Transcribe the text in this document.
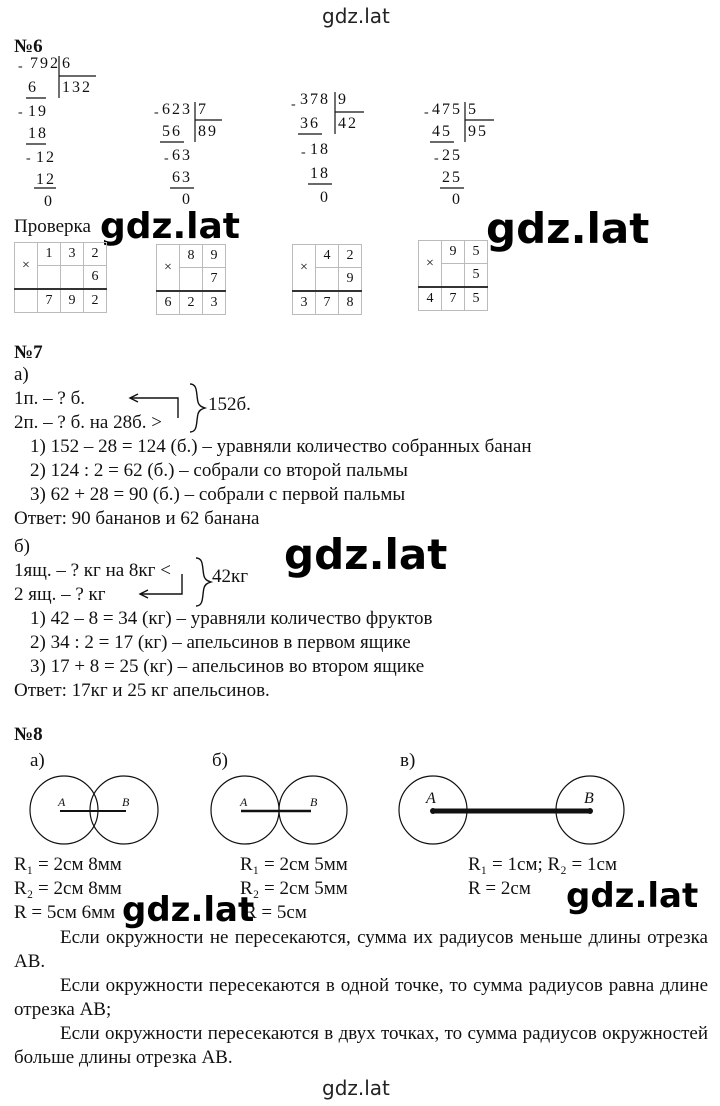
gdz.lat
gdz.lat
№6
792 6
132
6
19
18
12
12
0
623 7
89
56
63
63
0
378 9
42
36
18
18
0
475 5
95
45
25
25
0
-
-
-
-
-
-
-
-
-
Проверка gdz.lat	gdz.lat
×	1	3	2
			6
	7	9	2
×	8	9
		7
6	2	3
×	4	2
		9
3	7	8
×	9	5
		5
4	7	5
№7
а)
1п. – ? б.
2п. – ? б. на 28б. >
152б.
1) 152 – 28 = 124 (б.) – уравняли количество собранных банан
2) 124 : 2 = 62 (б.) – собрали со второй пальмы
3) 62 + 28 = 90 (б.) – собрали с первой пальмы
Ответ: 90 бананов и 62 банана
б)
1ящ. – ? кг на 8кг <
2 ящ. – ? кг
42кг gdz.lat
1) 42 – 8 = 34 (кг) – уравняли количество фруктов
2) 34 : 2 = 17 (кг) – апельсинов в первом ящике
3) 17 + 8 = 25 (кг) – апельсинов во втором ящике
Ответ: 17кг и 25 кг апельсинов.
№8
а)	б)	в)
A	B	A	B	A	B
R₁ = 2см 8мм
R₂ = 2см 8мм
R = 5см 6мм
R₁ = 2см 5мм
R₂ = 2см 5мм
R = 5см
R₁ = 1см; R₂ = 1см
R = 2см
gdz.lat	gdz.lat

Если окружности не пересекаются, сумма их радиусов меньше длины отрезка AB.

Если окружности пересекаются в одной точке, то сумма радиусов равна длине отрезка AB;

Если окружности пересекаются в двух точках, то сумма радиусов окружностей больше длины отрезка AB.
